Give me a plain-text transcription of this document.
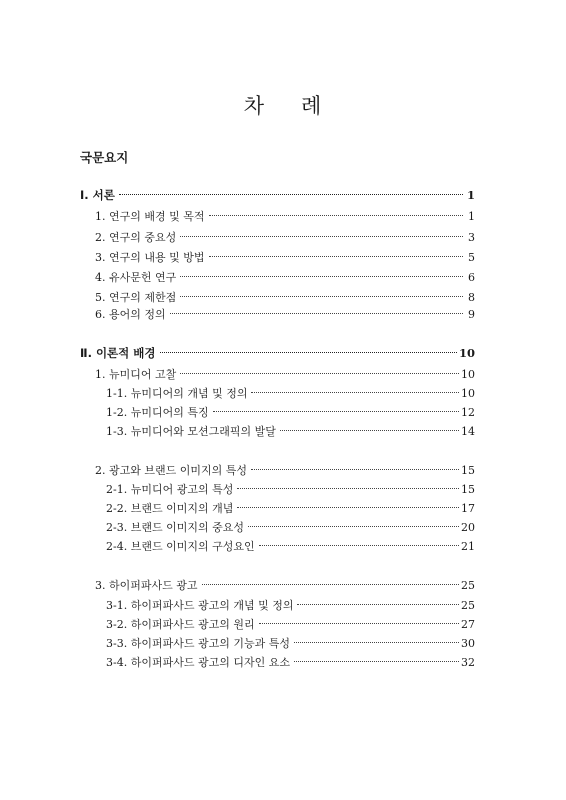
차 례
국문요지
Ⅰ. 서론	1
1. 연구의 배경 및 목적	1
2. 연구의 중요성	3
3. 연구의 내용 및 방법	5
4. 유사문헌 연구	6
5. 연구의 제한점	8
6. 용어의 정의	9
Ⅱ. 이론적 배경	10
1. 뉴미디어 고찰	10
1-1. 뉴미디어의 개념 및 정의	10
1-2. 뉴미디어의 특징	12
1-3. 뉴미디어와 모션그래픽의 발달	14
2. 광고와 브랜드 이미지의 특성	15
2-1. 뉴미디어 광고의 특성	15
2-2. 브랜드 이미지의 개념	17
2-3. 브랜드 이미지의 중요성	20
2-4. 브랜드 이미지의 구성요인	21
3. 하이퍼파사드 광고	25
3-1. 하이퍼파사드 광고의 개념 및 정의	25
3-2. 하이퍼파사드 광고의 원리	27
3-3. 하이퍼파사드 광고의 기능과 특성	30
3-4. 하이퍼파사드 광고의 디자인 요소	32
